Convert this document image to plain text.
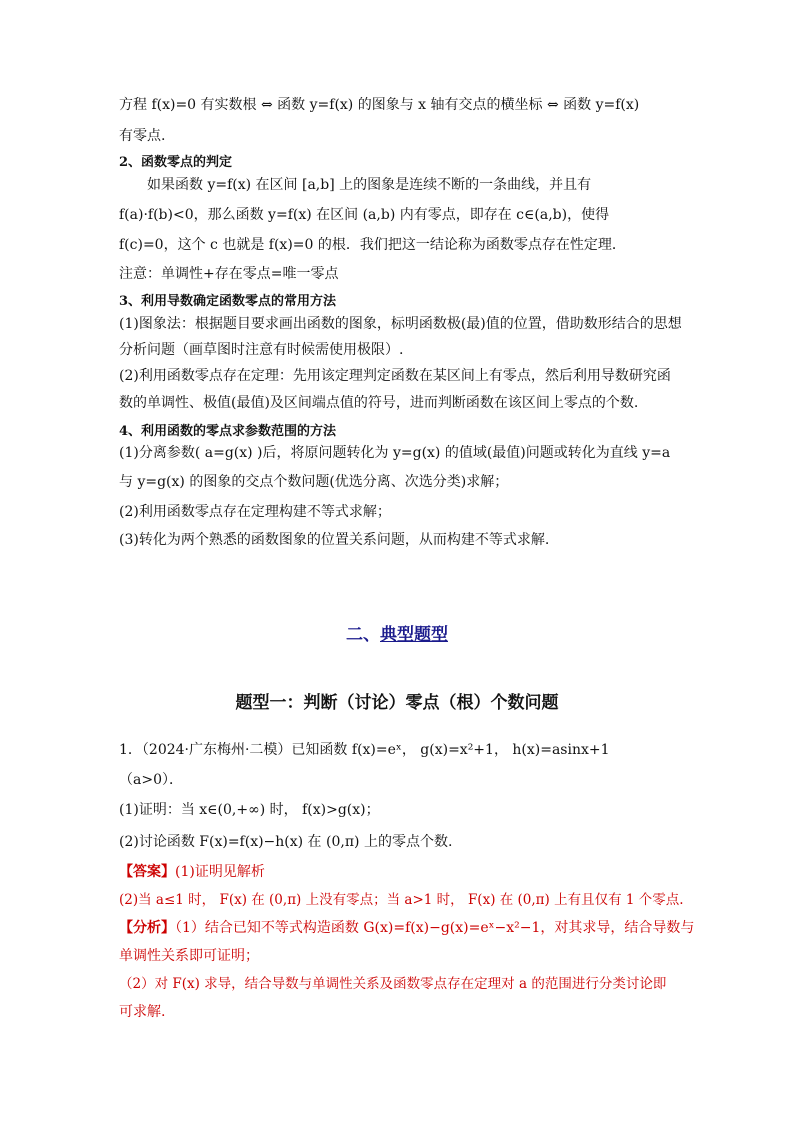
方程 f(x)=0 有实数根 ⇔ 函数 y=f(x) 的图象与 x 轴有交点的横坐标 ⇔ 函数 y=f(x)
有零点.
2、函数零点的判定
如果函数 y=f(x) 在区间 [a,b] 上的图象是连续不断的一条曲线，并且有
f(a)·f(b)<0，那么函数 y=f(x) 在区间 (a,b) 内有零点，即存在 c∈(a,b)，使得
f(c)=0，这个 c 也就是 f(x)=0 的根．我们把这一结论称为函数零点存在性定理．
注意：单调性+存在零点=唯一零点
3、利用导数确定函数零点的常用方法
(1)图象法：根据题目要求画出函数的图象，标明函数极(最)值的位置，借助数形结合的思想
分析问题（画草图时注意有时候需使用极限）.
(2)利用函数零点存在定理：先用该定理判定函数在某区间上有零点，然后利用导数研究函
数的单调性、极值(最值)及区间端点值的符号，进而判断函数在该区间上零点的个数.
4、利用函数的零点求参数范围的方法
(1)分离参数( a=g(x) )后，将原问题转化为 y=g(x) 的值域(最值)问题或转化为直线 y=a
与 y=g(x) 的图象的交点个数问题(优选分离、次选分类)求解；
(2)利用函数零点存在定理构建不等式求解；
(3)转化为两个熟悉的函数图象的位置关系问题，从而构建不等式求解.
二、典型题型
题型一：判断（讨论）零点（根）个数问题
1．（2024·广东梅州·二模）已知函数 f(x)=eˣ， g(x)=x²+1， h(x)=asinx+1
（a>0）．
(1)证明：当 x∈(0,+∞) 时， f(x)>g(x)；
(2)讨论函数 F(x)=f(x)−h(x) 在 (0,π) 上的零点个数.
【答案】(1)证明见解析
(2)当 a≤1 时， F(x) 在 (0,π) 上没有零点；当 a>1 时， F(x) 在 (0,π) 上有且仅有 1 个零点.
【分析】（1）结合已知不等式构造函数 G(x)=f(x)−g(x)=eˣ−x²−1，对其求导，结合导数与
单调性关系即可证明；
（2）对 F(x) 求导，结合导数与单调性关系及函数零点存在定理对 a 的范围进行分类讨论即
可求解.
